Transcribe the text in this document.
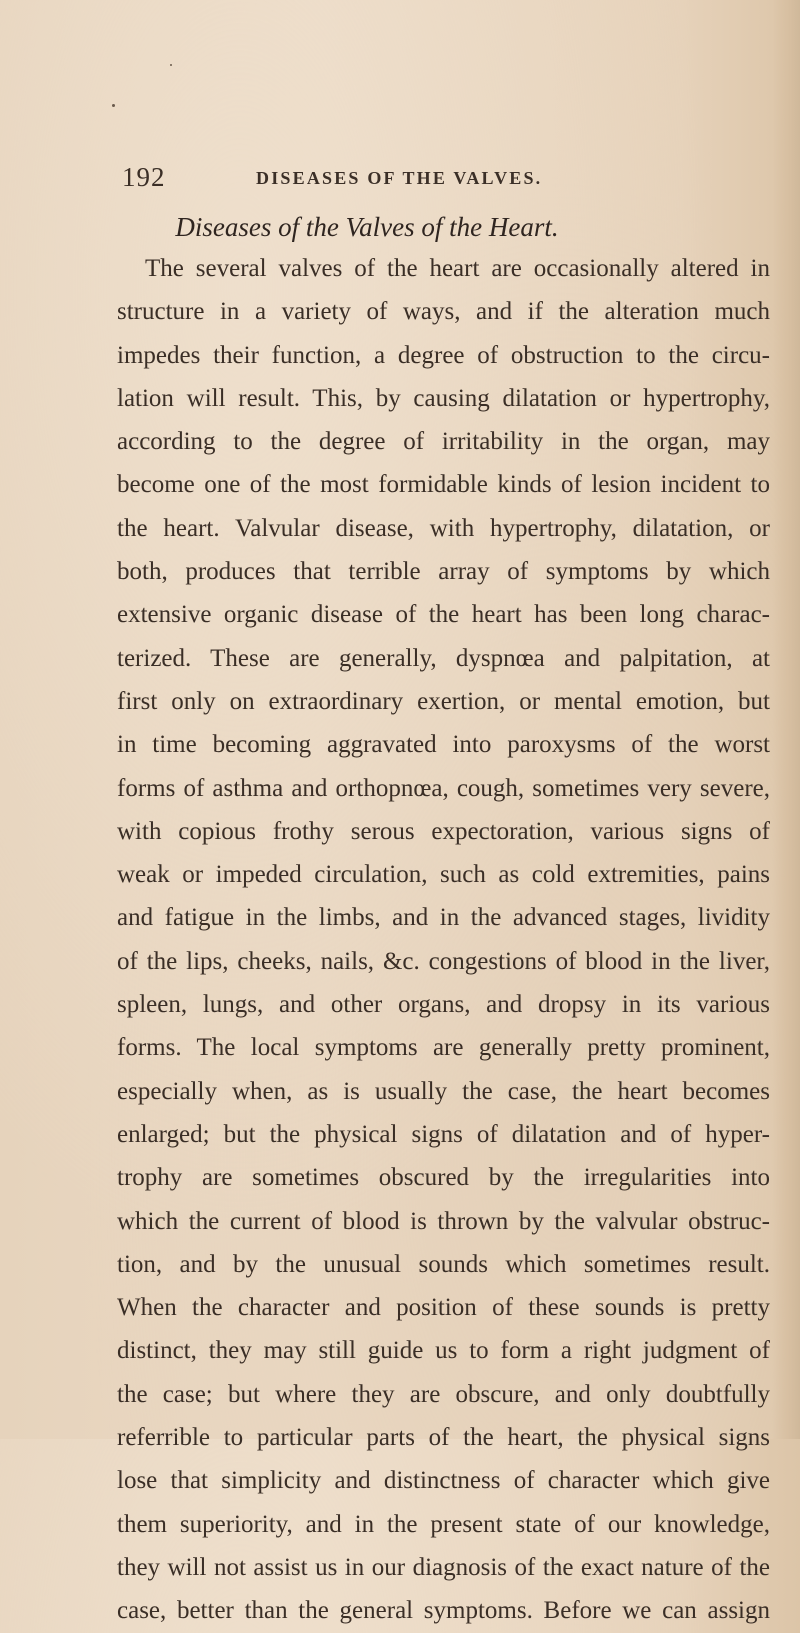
192	DISEASES OF THE VALVES.
Diseases of the Valves of the Heart.
The several valves of the heart are occasionally altered in
structure in a variety of ways, and if the alteration much
impedes their function, a degree of obstruction to the circu-
lation will result. This, by causing dilatation or hypertrophy,
according to the degree of irritability in the organ, may
become one of the most formidable kinds of lesion incident to
the heart. Valvular disease, with hypertrophy, dilatation, or
both, produces that terrible array of symptoms by which
extensive organic disease of the heart has been long charac-
terized. These are generally, dyspnœa and palpitation, at
first only on extraordinary exertion, or mental emotion, but
in time becoming aggravated into paroxysms of the worst
forms of asthma and orthopnœa, cough, sometimes very severe,
with copious frothy serous expectoration, various signs of
weak or impeded circulation, such as cold extremities, pains
and fatigue in the limbs, and in the advanced stages, lividity
of the lips, cheeks, nails, &c. congestions of blood in the liver,
spleen, lungs, and other organs, and dropsy in its various
forms. The local symptoms are generally pretty prominent,
especially when, as is usually the case, the heart becomes
enlarged; but the physical signs of dilatation and of hyper-
trophy are sometimes obscured by the irregularities into
which the current of blood is thrown by the valvular obstruc-
tion, and by the unusual sounds which sometimes result.
When the character and position of these sounds is pretty
distinct, they may still guide us to form a right judgment of
the case; but where they are obscure, and only doubtfully
referrible to particular parts of the heart, the physical signs
lose that simplicity and distinctness of character which give
them superiority, and in the present state of our knowledge,
they will not assist us in our diagnosis of the exact nature of the
case, better than the general symptoms. Before we can assign
